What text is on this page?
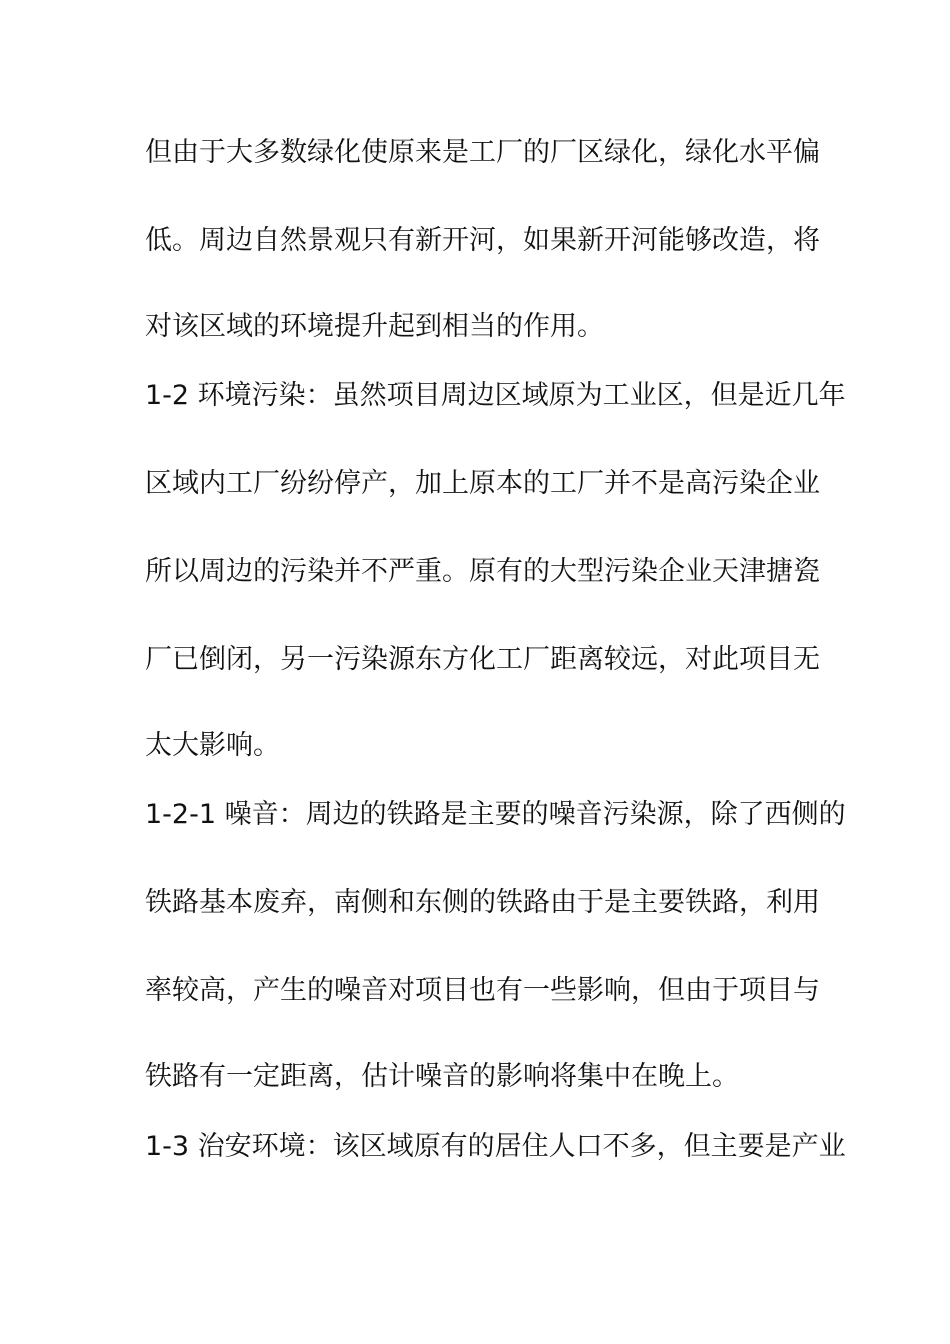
但由于大多数绿化使原来是工厂的厂区绿化，绿化水平偏
低。周边自然景观只有新开河，如果新开河能够改造，将
对该区域的环境提升起到相当的作用。
1-2 环境污染：虽然项目周边区域原为工业区，但是近几年
区域内工厂纷纷停产，加上原本的工厂并不是高污染企业
所以周边的污染并不严重。原有的大型污染企业天津搪瓷
厂已倒闭，另一污染源东方化工厂距离较远，对此项目无
太大影响。
1-2-1 噪音：周边的铁路是主要的噪音污染源，除了西侧的
铁路基本废弃，南侧和东侧的铁路由于是主要铁路，利用
率较高，产生的噪音对项目也有一些影响，但由于项目与
铁路有一定距离，估计噪音的影响将集中在晚上。
1-3 治安环境：该区域原有的居住人口不多，但主要是产业
